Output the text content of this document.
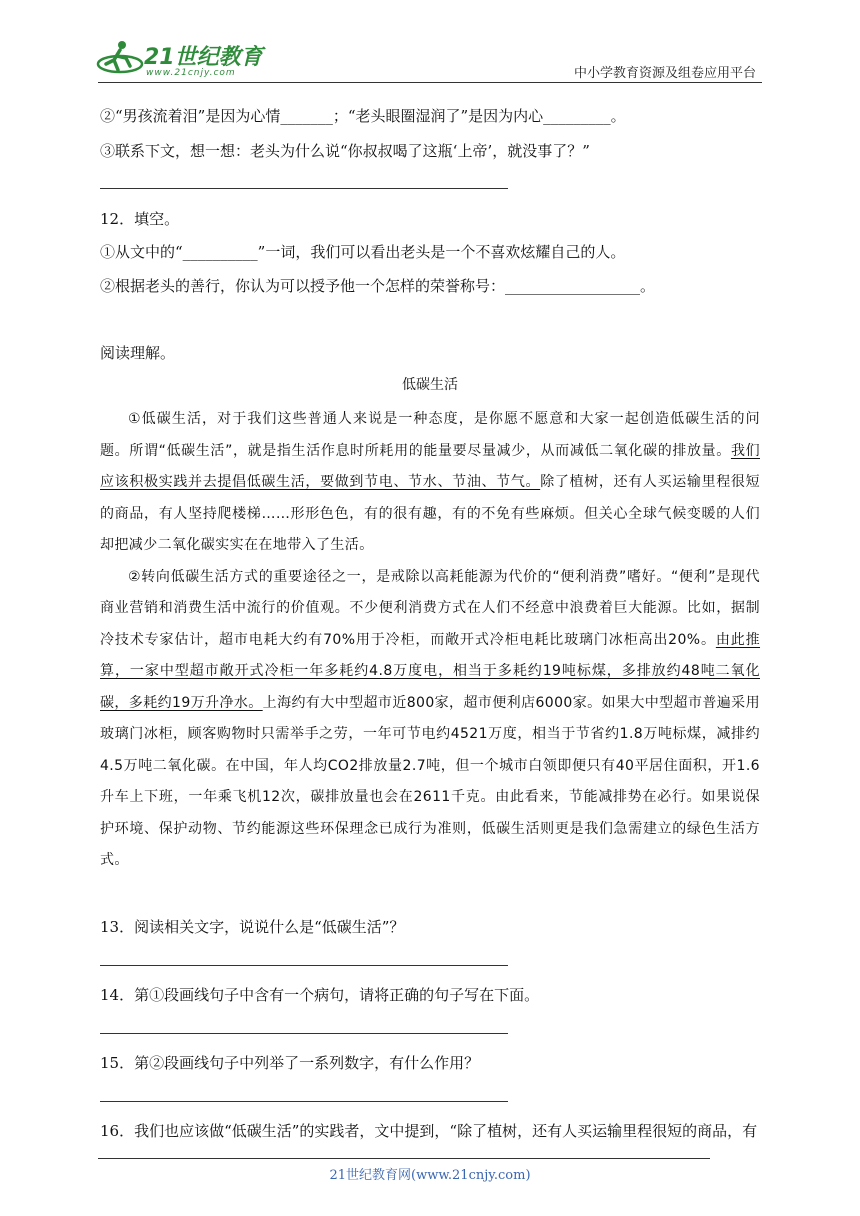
21世纪教育
www.21cnjy.com	中小学教育资源及组卷应用平台
②“男孩流着泪”是因为心情_______；“老头眼圈湿润了”是因为内心_________。
③联系下文，想一想：老头为什么说“你叔叔喝了这瓶‘上帝’，就没事了？”
12．填空。
①从文中的“__________”一词，我们可以看出老头是一个不喜欢炫耀自己的人。
②根据老头的善行，你认为可以授予他一个怎样的荣誉称号：__________________。
阅读理解。
低碳生活

①低碳生活，对于我们这些普通人来说是一种态度，是你愿不愿意和大家一起创造低碳生活的问题。所谓“低碳生活”，就是指生活作息时所耗用的能量要尽量减少，从而减低二氧化碳的排放量。我们应该积极实践并去提倡低碳生活，要做到节电、节水、节油、节气。除了植树，还有人买运输里程很短的商品，有人坚持爬楼梯……形形色色，有的很有趣，有的不免有些麻烦。但关心全球气候变暖的人们却把减少二氧化碳实实在在地带入了生活。

②转向低碳生活方式的重要途径之一，是戒除以高耗能源为代价的“便利消费”嗜好。“便利”是现代商业营销和消费生活中流行的价值观。不少便利消费方式在人们不经意中浪费着巨大能源。比如，据制冷技术专家估计，超市电耗大约有70%用于冷柜，而敞开式冷柜电耗比玻璃门冰柜高出20%。由此推算，一家中型超市敞开式冷柜一年多耗约4.8万度电，相当于多耗约19吨标煤，多排放约48吨二氧化碳，多耗约19万升净水。上海约有大中型超市近800家，超市便利店6000家。如果大中型超市普遍采用玻璃门冰柜，顾客购物时只需举手之劳，一年可节电约4521万度，相当于节省约1.8万吨标煤，减排约4.5万吨二氧化碳。在中国，年人均CO2排放量2.7吨，但一个城市白领即便只有40平居住面积，开1.6升车上下班，一年乘飞机12次，碳排放量也会在2611千克。由此看来，节能减排势在必行。如果说保护环境、保护动物、节约能源这些环保理念已成行为准则，低碳生活则更是我们急需建立的绿色生活方式。

13．阅读相关文字，说说什么是“低碳生活”？
14．第①段画线句子中含有一个病句，请将正确的句子写在下面。
15．第②段画线句子中列举了一系列数字，有什么作用？
16．我们也应该做“低碳生活”的实践者，文中提到，“除了植树，还有人买运输里程很短的商品，有
21世纪教育网(www.21cnjy.com)
